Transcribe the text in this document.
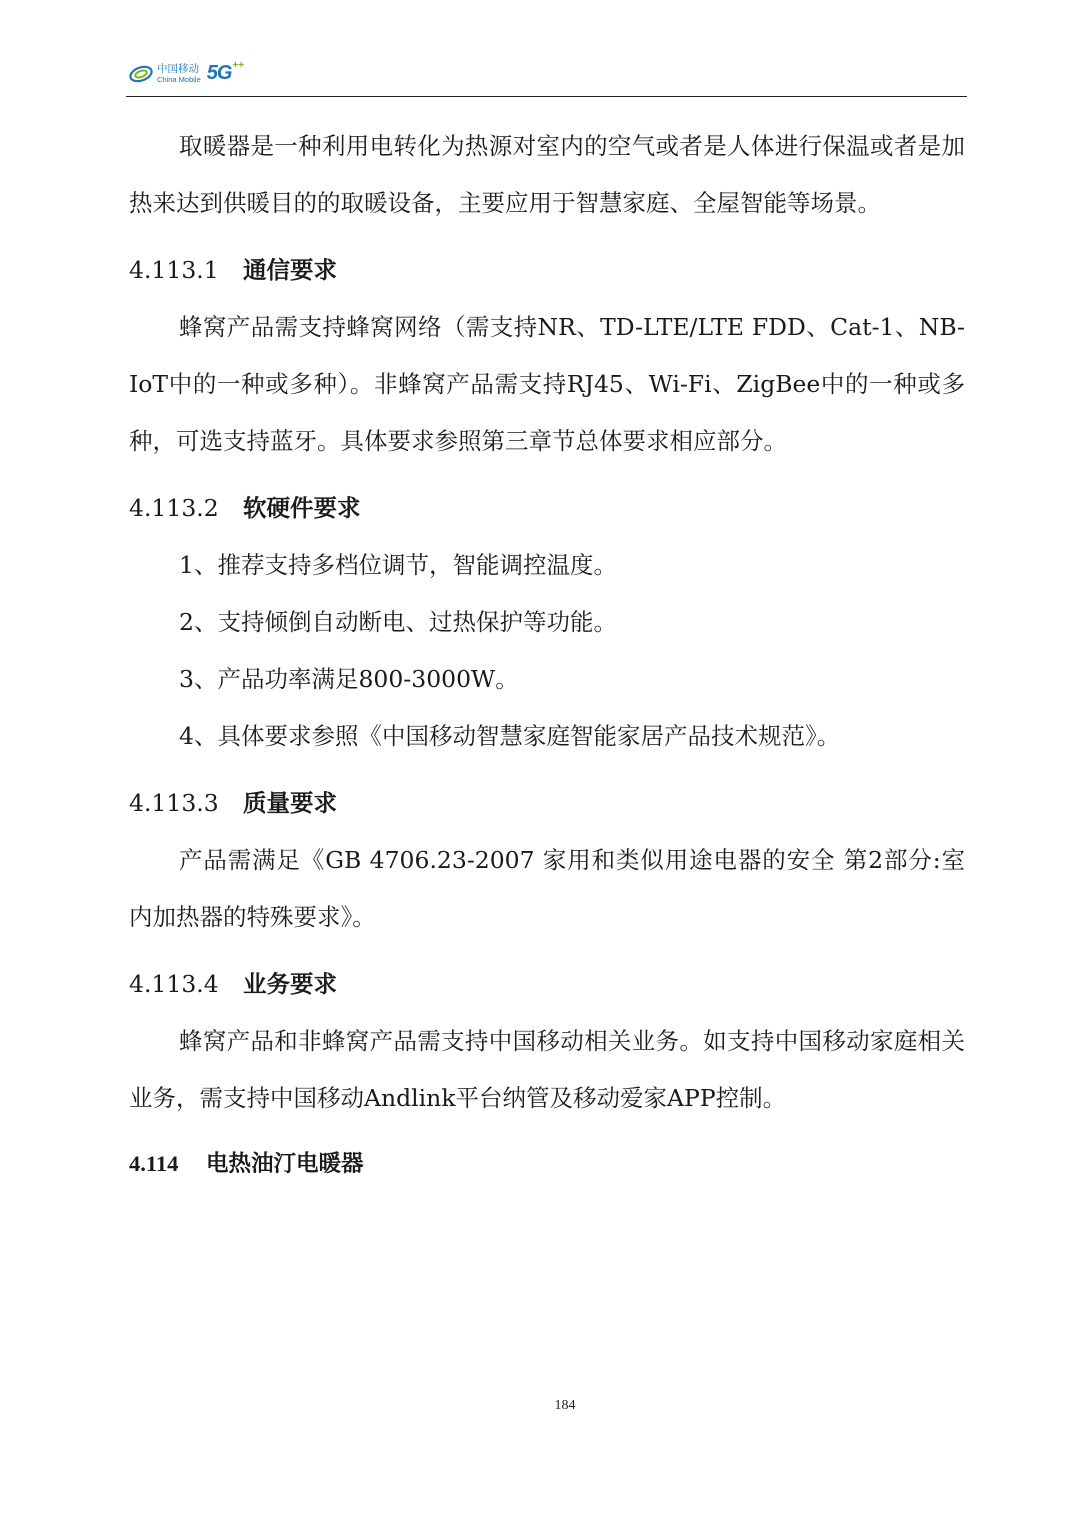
中国移动
China Mobile 5G ++

取暖器是一种利用电转化为热源对室内的空气或者是人体进行保温或者是加热来达到供暖目的的取暖设备，主要应用于智慧家庭、全屋智能等场景。

4.113.1 通信要求

蜂窝产品需支持蜂窝网络（需支持NR、TD-LTE/LTE FDD、Cat-1、NB-IoT中的一种或多种）。非蜂窝产品需支持RJ45、Wi-Fi、ZigBee中的一种或多种，可选支持蓝牙。具体要求参照第三章节总体要求相应部分。

4.113.2 软硬件要求

1、推荐支持多档位调节，智能调控温度。

2、支持倾倒自动断电、过热保护等功能。

3、产品功率满足800-3000W。

4、具体要求参照《中国移动智慧家庭智能家居产品技术规范》。

4.113.3 质量要求

产品需满足《GB 4706.23-2007 家用和类似用途电器的安全 第2部分:室内加热器的特殊要求》。

4.113.4 业务要求

蜂窝产品和非蜂窝产品需支持中国移动相关业务。如支持中国移动家庭相关业务，需支持中国移动Andlink平台纳管及移动爱家APP控制。

4.114 电热油汀电暖器
184
